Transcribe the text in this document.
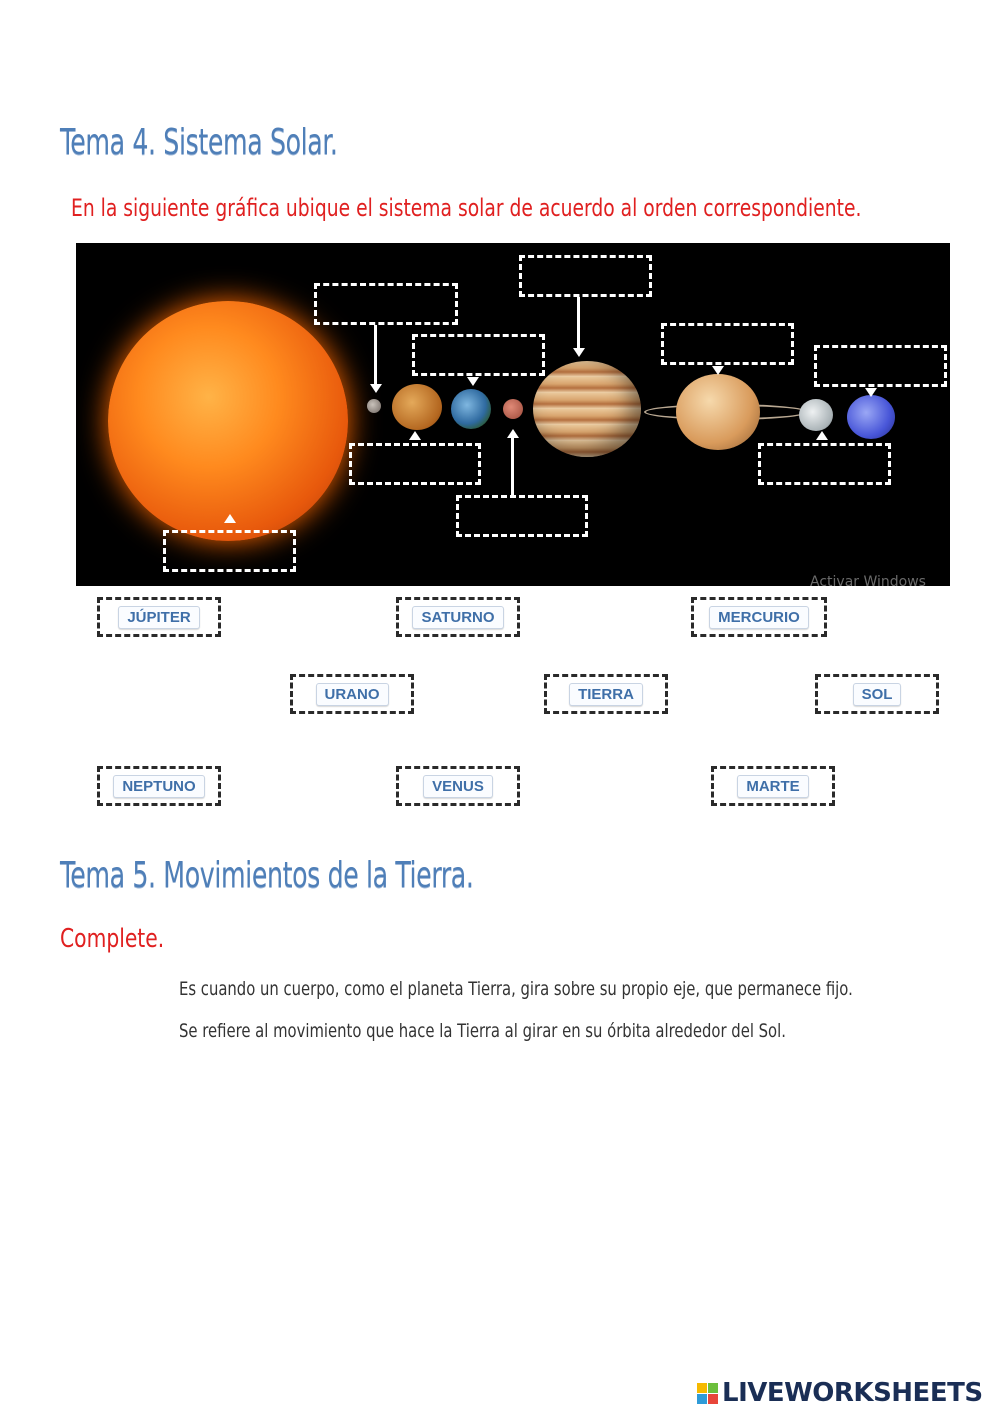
Tema 4. Sistema Solar.
En la siguiente gráfica ubique el sistema solar de acuerdo al orden correspondiente.
Activar Windows
JÚPITER	SATURNO	MERCURIO
URANO	TIERRA	SOL
NEPTUNO	VENUS	MARTE
Tema 5. Movimientos de la Tierra.
Complete.
Es cuando un cuerpo, como el planeta Tierra, gira sobre su propio eje, que permanece fijo.
Se refiere al movimiento que hace la Tierra al girar en su órbita alrededor del Sol.
LIVEWORKSHEETS
